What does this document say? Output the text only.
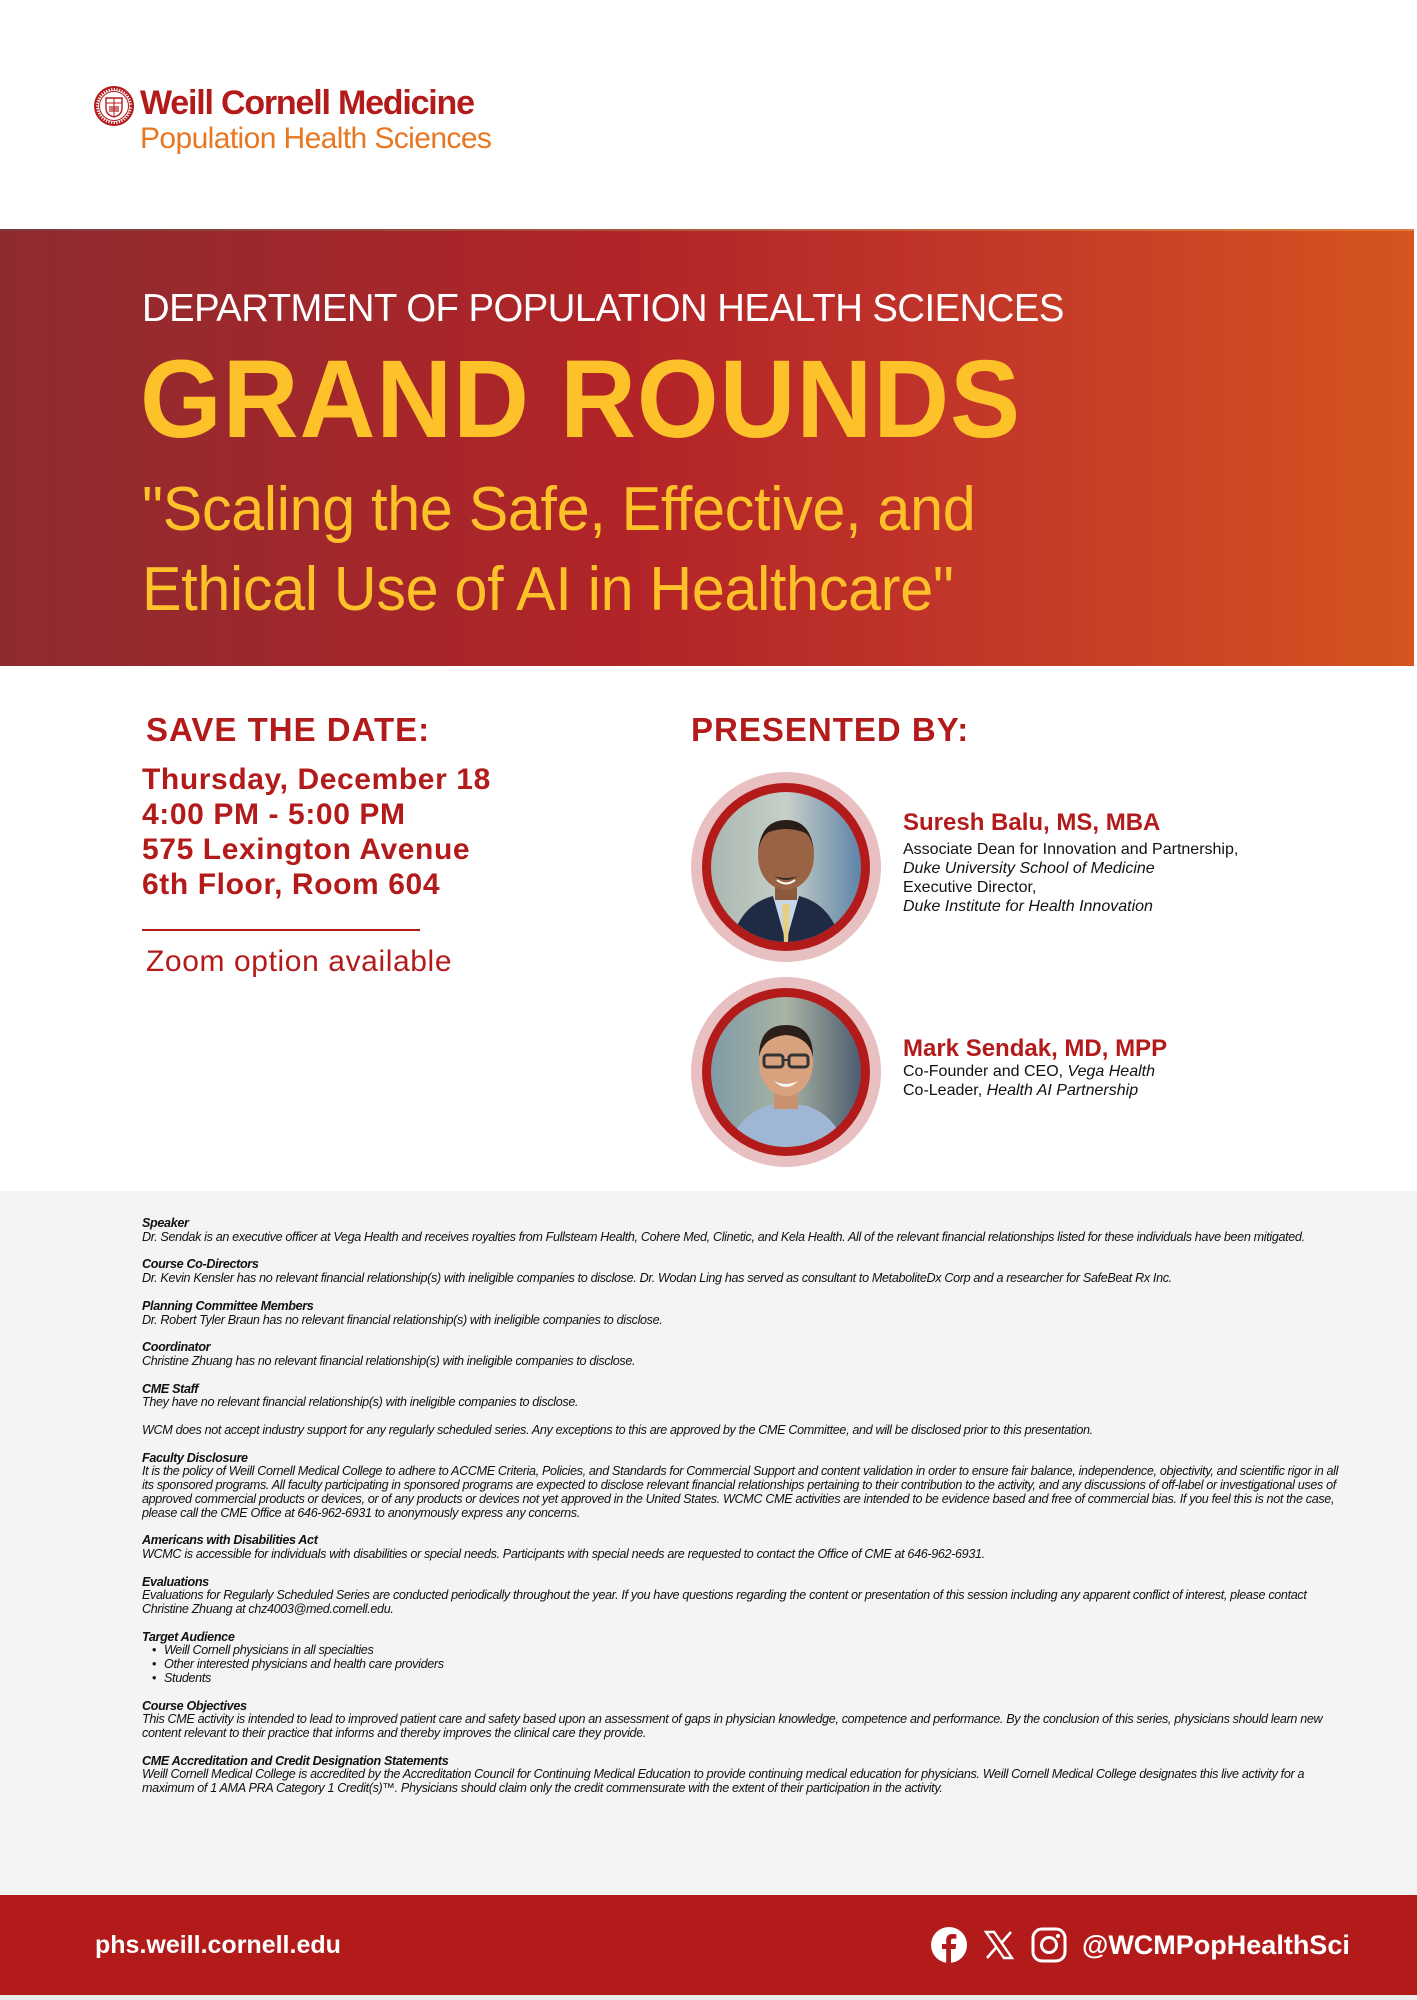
Weill Cornell Medicine
Population Health Sciences
DEPARTMENT OF POPULATION HEALTH SCIENCES
GRAND ROUNDS
"Scaling the Safe, Effective, and
Ethical Use of AI in Healthcare"
SAVE THE DATE:
Thursday, December 18
4:00 PM - 5:00 PM
575 Lexington Avenue
6th Floor, Room 604
Zoom option available
PRESENTED BY:
Suresh Balu, MS, MBA
Associate Dean for Innovation and Partnership,
Duke University School of Medicine
Executive Director,
Duke Institute for Health Innovation
Mark Sendak, MD, MPP
Co-Founder and CEO, Vega Health
Co-Leader, Health AI Partnership
Speaker
Dr. Sendak is an executive officer at Vega Health and receives royalties from Fullsteam Health, Cohere Med, Clinetic, and Kela Health. All of the relevant financial relationships listed for these individuals have been mitigated.
Course Co-Directors
Dr. Kevin Kensler has no relevant financial relationship(s) with ineligible companies to disclose. Dr. Wodan Ling has served as consultant to MetaboliteDx Corp and a researcher for SafeBeat Rx Inc.
Planning Committee Members
Dr. Robert Tyler Braun has no relevant financial relationship(s) with ineligible companies to disclose.
Coordinator
Christine Zhuang has no relevant financial relationship(s) with ineligible companies to disclose.
CME Staff
They have no relevant financial relationship(s) with ineligible companies to disclose.
WCM does not accept industry support for any regularly scheduled series. Any exceptions to this are approved by the CME Committee, and will be disclosed prior to this presentation.
Faculty Disclosure
It is the policy of Weill Cornell Medical College to adhere to ACCME Criteria, Policies, and Standards for Commercial Support and content validation in order to ensure fair balance, independence, objectivity, and scientific rigor in all its sponsored programs. All faculty participating in sponsored programs are expected to disclose relevant financial relationships pertaining to their contribution to the activity, and any discussions of off-label or investigational uses of approved commercial products or devices, or of any products or devices not yet approved in the United States. WCMC CME activities are intended to be evidence based and free of commercial bias. If you feel this is not the case, please call the CME Office at 646-962-6931 to anonymously express any concerns.
Americans with Disabilities Act
WCMC is accessible for individuals with disabilities or special needs. Participants with special needs are requested to contact the Office of CME at 646-962-6931.
Evaluations
Evaluations for Regularly Scheduled Series are conducted periodically throughout the year. If you have questions regarding the content or presentation of this session including any apparent conflict of interest, please contact Christine Zhuang at chz4003@med.cornell.edu.
Target Audience
• Weill Cornell physicians in all specialties
• Other interested physicians and health care providers
• Students
Course Objectives
This CME activity is intended to lead to improved patient care and safety based upon an assessment of gaps in physician knowledge, competence and performance. By the conclusion of this series, physicians should learn new content relevant to their practice that informs and thereby improves the clinical care they provide.
CME Accreditation and Credit Designation Statements
Weill Cornell Medical College is accredited by the Accreditation Council for Continuing Medical Education to provide continuing medical education for physicians. Weill Cornell Medical College designates this live activity for a maximum of 1 AMA PRA Category 1 Credit(s)™. Physicians should claim only the credit commensurate with the extent of their participation in the activity.
phs.weill.cornell.edu	@WCMPopHealthSci
